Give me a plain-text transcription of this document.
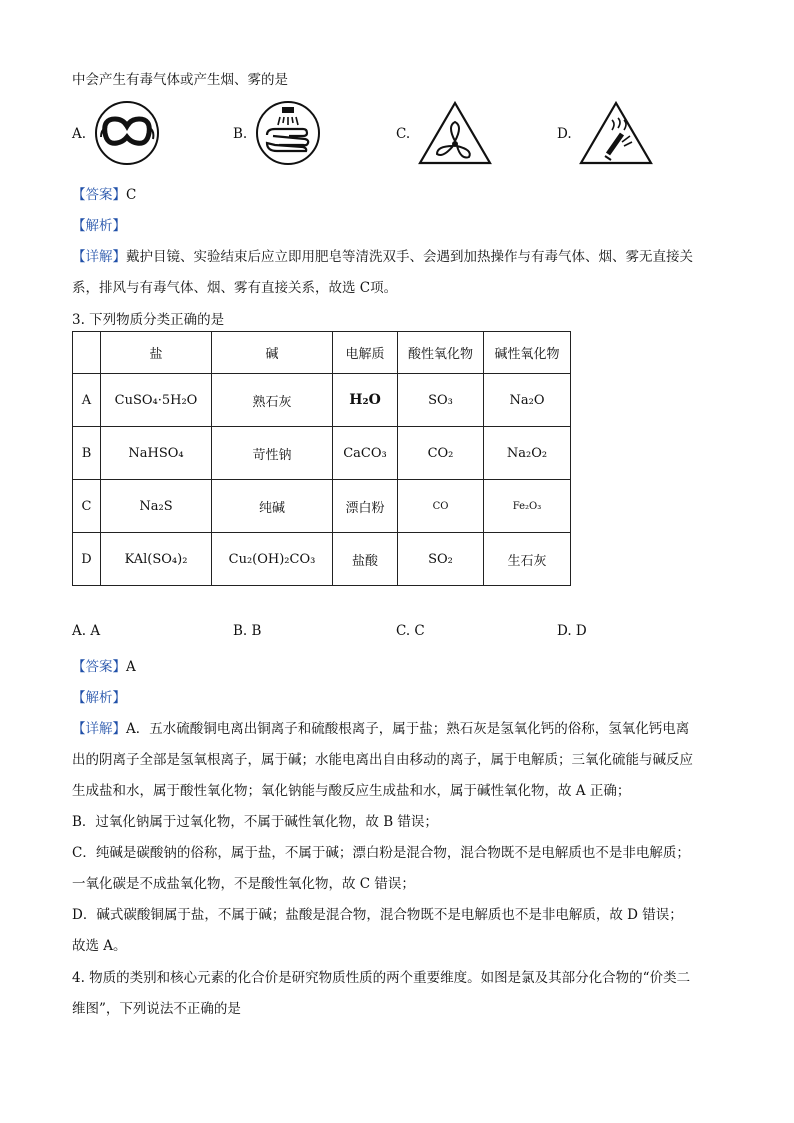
中会产生有毒气体或产生烟、雾的是
A.	B.	C.	D.
【答案】C
【解析】
【详解】戴护目镜、实验结束后应立即用肥皂等清洗双手、会遇到加热操作与有毒气体、烟、雾无直接关
系，排风与有毒气体、烟、雾有直接关系，故选 C项。
3. 下列物质分类正确的是
	盐	碱	电解质	酸性氧化物	碱性氧化物
A	CuSO₄·5H₂O	熟石灰	H₂O	SO₃	Na₂O
B	NaHSO₄	苛性钠	CaCO₃	CO₂	Na₂O₂
C	Na₂S	纯碱	漂白粉	CO	Fe₂O₃
D	KAl(SO₄)₂	Cu₂(OH)₂CO₃	盐酸	SO₂	生石灰
A. A	B. B	C. C	D. D
【答案】A
【解析】
【详解】A．五水硫酸铜电离出铜离子和硫酸根离子，属于盐；熟石灰是氢氧化钙的俗称，氢氧化钙电离
出的阴离子全部是氢氧根离子，属于碱；水能电离出自由移动的离子，属于电解质；三氧化硫能与碱反应
生成盐和水，属于酸性氧化物；氧化钠能与酸反应生成盐和水，属于碱性氧化物，故 A 正确；
B．过氧化钠属于过氧化物，不属于碱性氧化物，故 B 错误；
C．纯碱是碳酸钠的俗称，属于盐，不属于碱；漂白粉是混合物，混合物既不是电解质也不是非电解质；
一氧化碳是不成盐氧化物，不是酸性氧化物，故 C 错误；
D．碱式碳酸铜属于盐，不属于碱；盐酸是混合物，混合物既不是电解质也不是非电解质，故 D 错误；
故选 A。
4. 物质的类别和核心元素的化合价是研究物质性质的两个重要维度。如图是氯及其部分化合物的“价类二
维图”，下列说法不正确的是
